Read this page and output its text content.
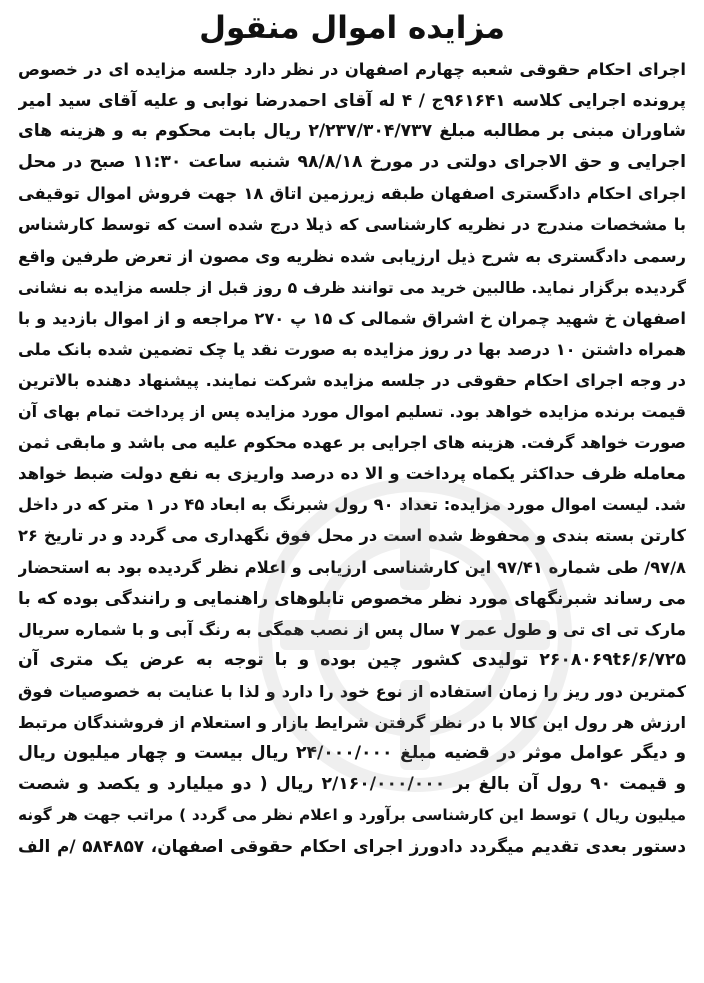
مزایده اموال منقول
اجرای احکام حقوقی شعبه چهارم اصفهان در نظر دارد جلسه مزایده ای در خصوص
پرونده اجرایی کلاسه ۹۶۱۶۴۱ج / ۴ له آقای احمدرضا نوابی و علیه آقای سید امیر
شاوران مبنی بر مطالبه مبلغ ۲/۲۳۷/۳۰۴/۷۳۷ ریال بابت محکوم به و هزینه های
اجرایی و حق الاجرای دولتی در مورخ ۹۸/۸/۱۸ شنبه ساعت ۱۱:۳۰ صبح در محل
اجرای احکام دادگستری اصفهان طبقه زیرزمین اتاق ۱۸ جهت فروش اموال توقیفی
با مشخصات مندرج در نظریه کارشناسی که ذیلا درج شده است که توسط کارشناس
رسمی دادگستری به شرح ذیل ارزیابی شده نظریه وی مصون از تعرض طرفین واقع
گردیده برگزار نماید. طالبین خرید می توانند ظرف ۵ روز قبل از جلسه مزایده به نشانی
اصفهان خ شهید چمران خ اشراق شمالی ک ۱۵ پ ۲۷۰ مراجعه و از اموال بازدید و با
همراه داشتن ۱۰ درصد بها در روز مزایده به صورت نقد یا چک تضمین شده بانک ملی
در وجه اجرای احکام حقوقی در جلسه مزایده شرکت نمایند. پیشنهاد دهنده بالاترین
قیمت برنده مزایده خواهد بود. تسلیم اموال مورد مزایده پس از پرداخت تمام بهای آن
صورت خواهد گرفت. هزینه های اجرایی بر عهده محکوم علیه می باشد و مابقی ثمن
معامله ظرف حداکثر یکماه پرداخت و الا ده درصد واریزی به نفع دولت ضبط خواهد
شد. لیست اموال مورد مزایده: تعداد ۹۰ رول شبرنگ به ابعاد ۴۵ در ۱ متر که در داخل
کارتن بسته بندی و محفوظ شده است در محل فوق نگهداری می گردد و در تاریخ ۲۶
۹۷/۸/ طی شماره ۹۷/۴۱ این کارشناسی ارزیابی و اعلام نظر گردیده بود به استحضار
می رساند شبرنگهای مورد نظر مخصوص تابلوهای راهنمایی و رانندگی بوده که با
مارک تی ای تی و طول عمر ۷ سال پس از نصب همگی به رنگ آبی و با شماره سریال
۲۶۰۸۰۶۹t۶/۶/۷۲۵ تولیدی کشور چین بوده و با توجه به عرض یک متری آن
کمترین دور ریز را زمان استفاده از نوع خود را دارد و لذا با عنایت به خصوصیات فوق
ارزش هر رول این کالا با در نظر گرفتن شرایط بازار و استعلام از فروشندگان مرتبط
و دیگر عوامل موثر در قضیه مبلغ ۲۴/۰۰۰/۰۰۰ ریال بیست و چهار میلیون ریال
و قیمت ۹۰ رول آن بالغ بر ۲/۱۶۰/۰۰۰/۰۰۰ ریال ( دو میلیارد و یکصد و شصت
میلیون ریال ) توسط این کارشناسی برآورد و اعلام نظر می گردد ) مراتب جهت هر گونه
دستور بعدی تقدیم میگردد دادورز اجرای احکام حقوقی اصفهان، ۵۸۴۸۵۷ /م الف
